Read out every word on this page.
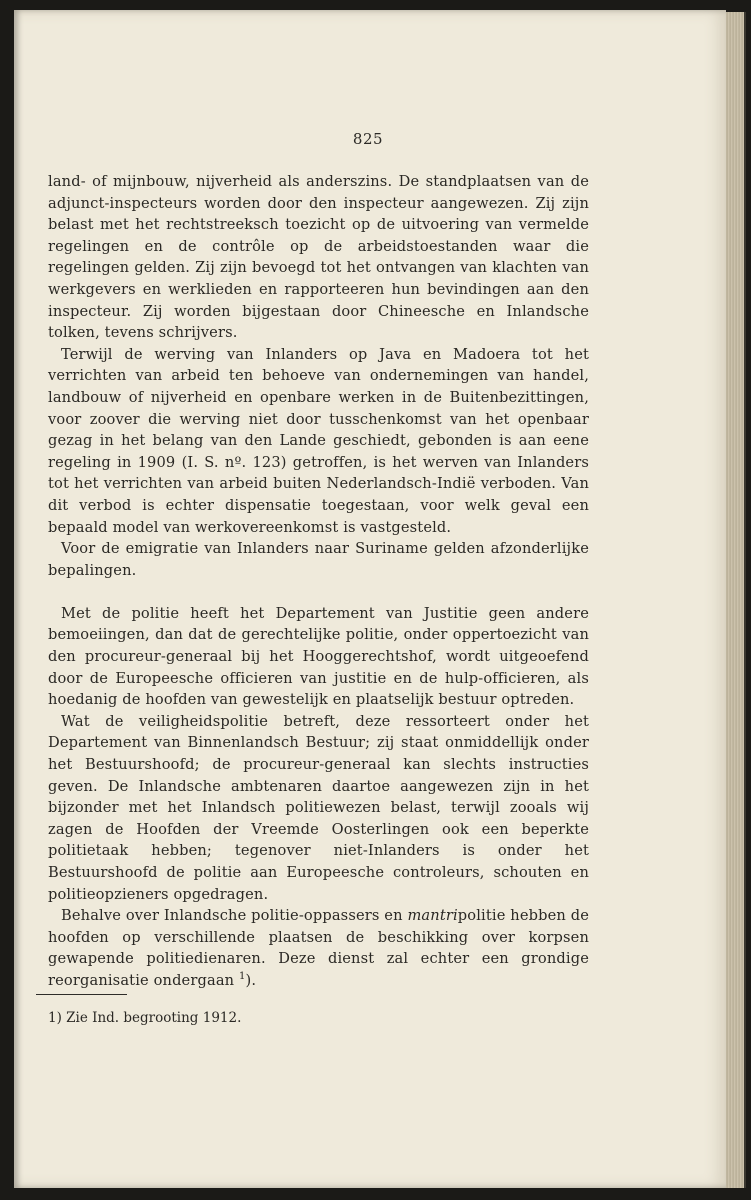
825

land- of mijnbouw, nijverheid als anderszins. De standplaatsen van de adjunct-inspecteurs worden door den inspecteur aangewezen. Zij zijn belast met het rechtstreeksch toezicht op de uitvoering van vermelde regelingen en de contrôle op de arbeidstoestanden waar die regelingen gelden. Zij zijn bevoegd tot het ontvangen van klachten van werkgevers en werklieden en rapporteeren hun bevindingen aan den inspecteur. Zij worden bijgestaan door Chineesche en Inlandsche tolken, tevens schrijvers.

Terwijl de werving van Inlanders op Java en Madoera tot het verrichten van arbeid ten behoeve van ondernemingen van handel, landbouw of nijverheid en openbare werken in de Buitenbezittingen, voor zoover die werving niet door tusschenkomst van het openbaar gezag in het belang van den Lande geschiedt, gebonden is aan eene regeling in 1909 (I. S. nº. 123) getroffen, is het werven van Inlanders tot het verrichten van arbeid buiten Nederlandsch-Indië verboden. Van dit verbod is echter dispensatie toegestaan, voor welk geval een bepaald model van werkovereenkomst is vastgesteld.

Voor de emigratie van Inlanders naar Suriname gelden afzonderlijke bepalingen.

Met de politie heeft het Departement van Justitie geen andere bemoeiingen, dan dat de gerechtelijke politie, onder oppertoezicht van den procureur-generaal bij het Hooggerechtshof, wordt uitgeoefend door de Europeesche officieren van justitie en de hulp-officieren, als hoedanig de hoofden van gewestelijk en plaatselijk bestuur optreden.

Wat de veiligheidspolitie betreft, deze ressorteert onder het Departement van Binnenlandsch Bestuur; zij staat onmiddellijk onder het Bestuurshoofd; de procureur-generaal kan slechts instructies geven. De Inlandsche ambtenaren daartoe aangewezen zijn in het bijzonder met het Inlandsch politiewezen belast, terwijl zooals wij zagen de Hoofden der Vreemde Oosterlingen ook een beperkte politietaak hebben; tegenover niet-Inlanders is onder het Bestuurshoofd de politie aan Europeesche controleurs, schouten en politieopzieners opgedragen.

Behalve over Inlandsche politie-oppassers en mantripolitie hebben de hoofden op verschillende plaatsen de beschikking over korpsen gewapende politiedienaren. Deze dienst zal echter een grondige reorganisatie ondergaan $^1$).

1) Zie Ind. begrooting 1912.
